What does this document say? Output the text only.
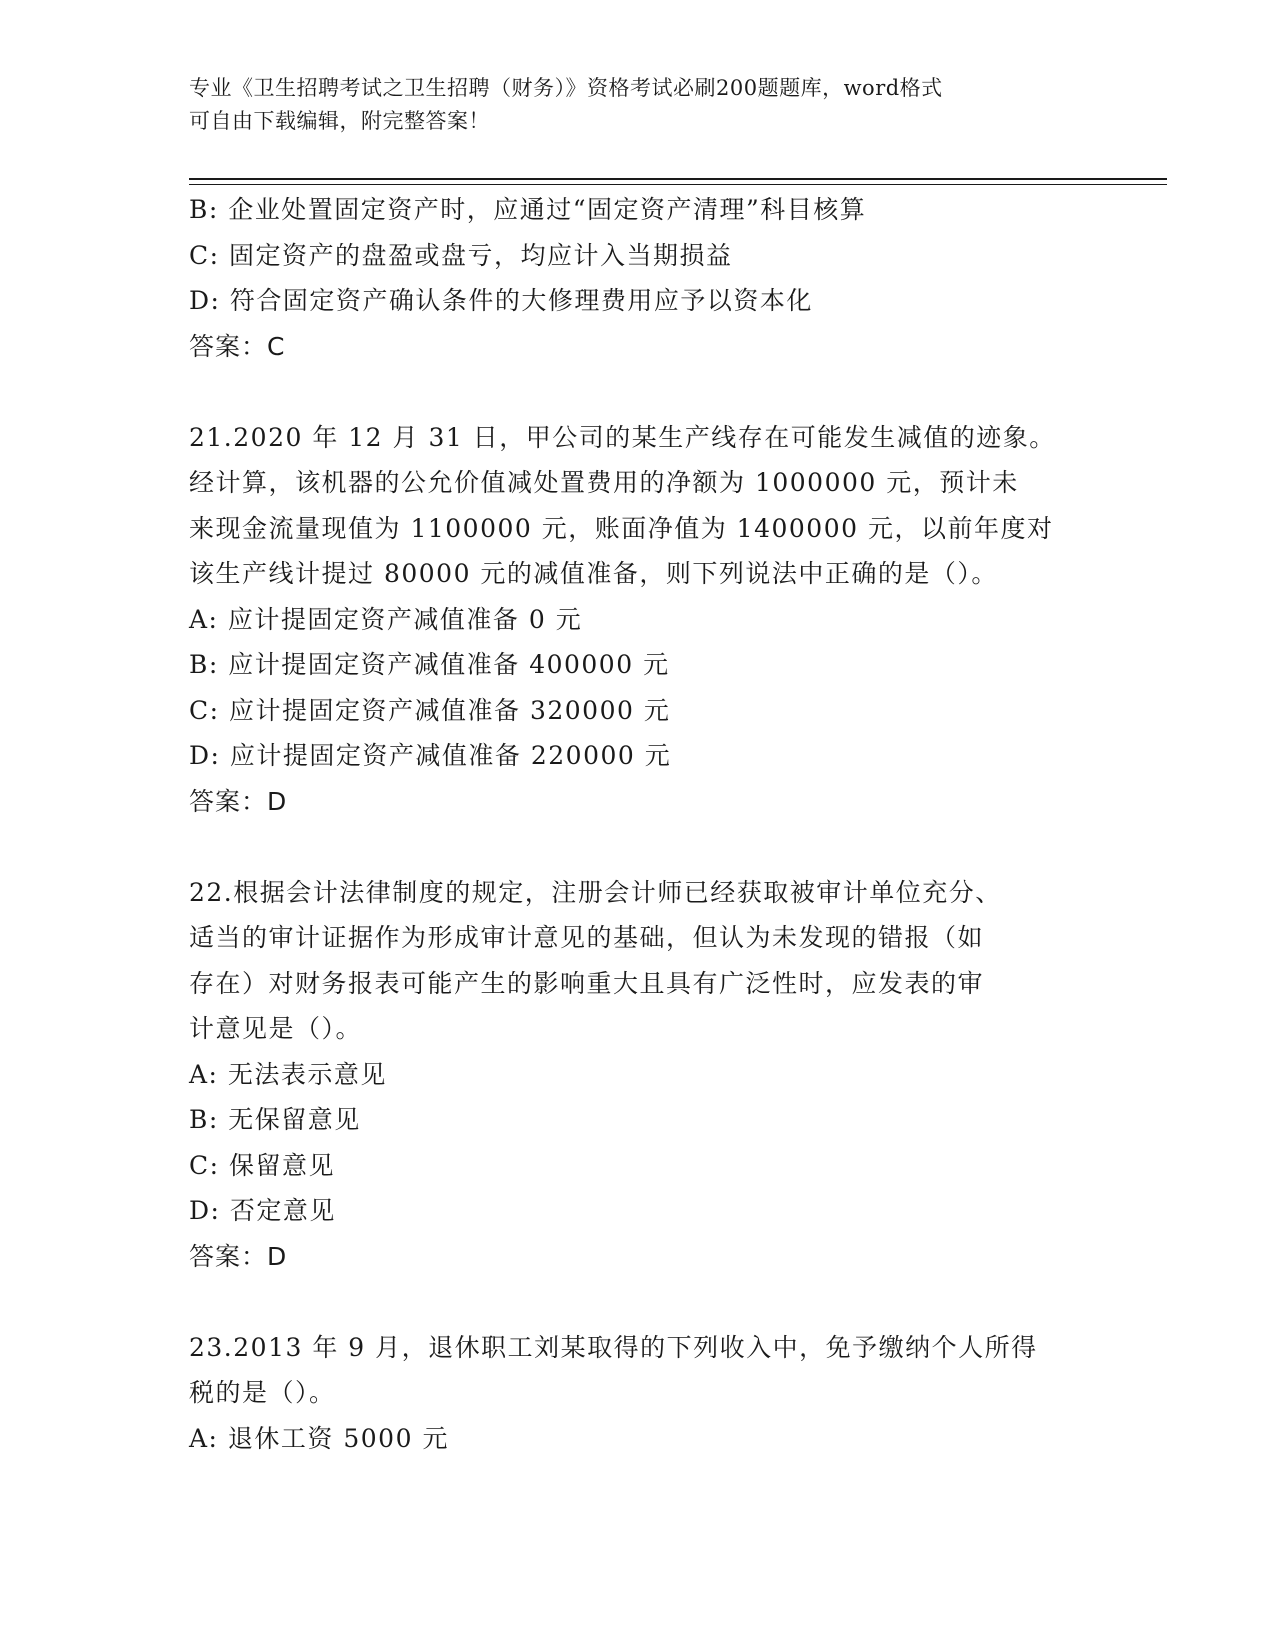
专业《卫生招聘考试之卫生招聘（财务）》资格考试必刷200题题库，word格式
可自由下载编辑，附完整答案！
B: 企业处置固定资产时，应通过“固定资产清理”科目核算
C: 固定资产的盘盈或盘亏，均应计入当期损益
D: 符合固定资产确认条件的大修理费用应予以资本化
答案：C
21.2020 年 12 月 31 日，甲公司的某生产线存在可能发生减值的迹象。
经计算，该机器的公允价值减处置费用的净额为 1000000 元，预计未
来现金流量现值为 1100000 元，账面净值为 1400000 元，以前年度对
该生产线计提过 80000 元的减值准备，则下列说法中正确的是（）。
A: 应计提固定资产减值准备 0 元
B: 应计提固定资产减值准备 400000 元
C: 应计提固定资产减值准备 320000 元
D: 应计提固定资产减值准备 220000 元
答案：D
22.根据会计法律制度的规定，注册会计师已经获取被审计单位充分、
适当的审计证据作为形成审计意见的基础，但认为未发现的错报（如
存在）对财务报表可能产生的影响重大且具有广泛性时，应发表的审
计意见是（）。
A: 无法表示意见
B: 无保留意见
C: 保留意见
D: 否定意见
答案：D
23.2013 年 9 月，退休职工刘某取得的下列收入中，免予缴纳个人所得
税的是（）。
A: 退休工资 5000 元
